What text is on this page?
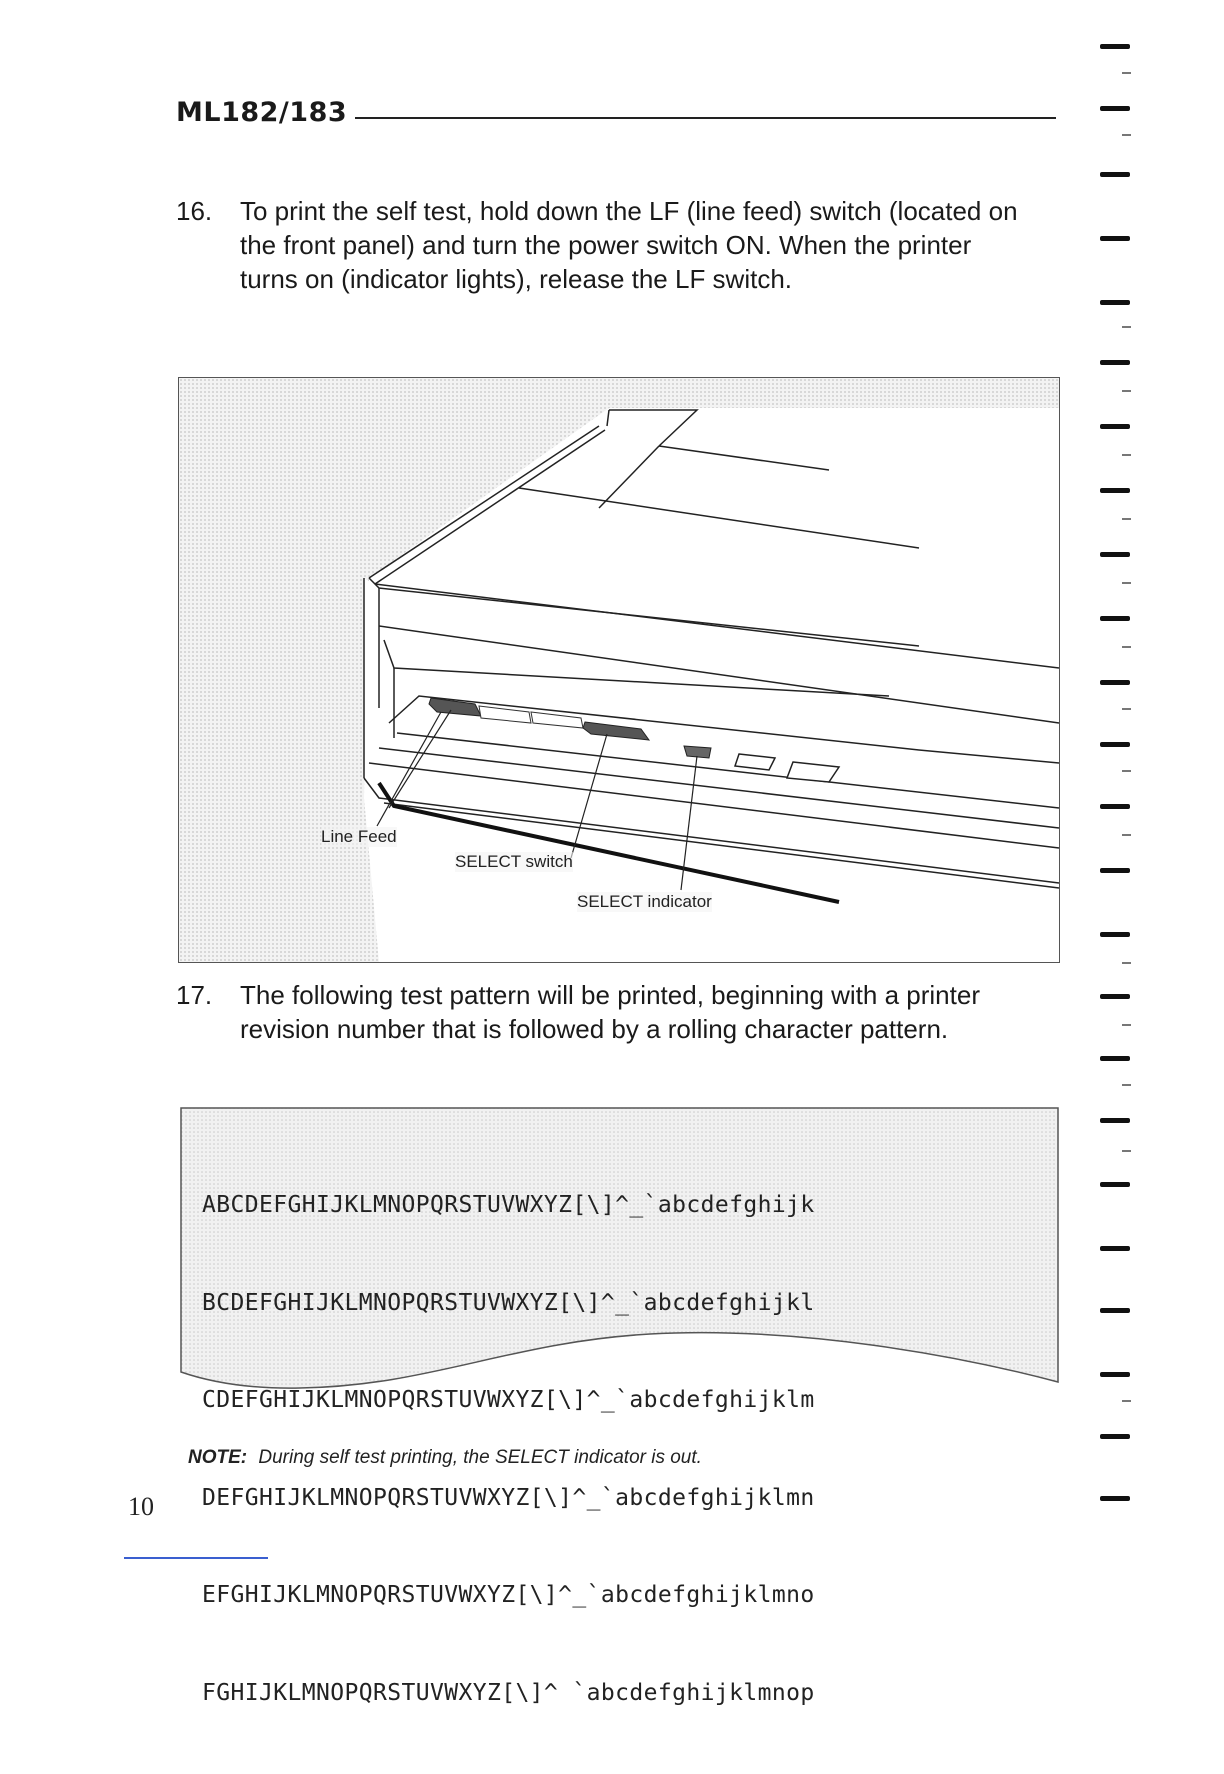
ML182/183
16.	To print the self test, hold down the LF (line feed) switch (located on the front panel) and turn the power switch ON. When the printer turns on (indicator lights), release the LF switch.
Line Feed
SELECT switch
SELECT indicator
17.	The following test pattern will be printed, beginning with a printer revision number that is followed by a rolling character pattern.

ABCDEFGHIJKLMNOPQRSTUVWXYZ[\]^_`abcdefghijk

BCDEFGHIJKLMNOPQRSTUVWXYZ[\]^_`abcdefghijkl

CDEFGHIJKLMNOPQRSTUVWXYZ[\]^_`abcdefghijklm

DEFGHIJKLMNOPQRSTUVWXYZ[\]^_`abcdefghijklmn

EFGHIJKLMNOPQRSTUVWXYZ[\]^_`abcdefghijklmno

FGHIJKLMNOPQRSTUVWXYZ[\]^ `abcdefghijklmnop

NOTE: During self test printing, the SELECT indicator is out.
10
